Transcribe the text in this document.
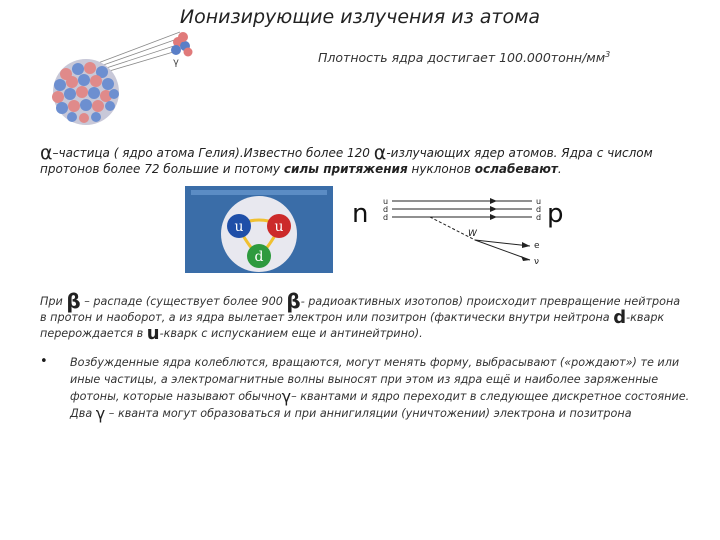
Ионизирующие излучения из атома
γ	Плотность ядра достигает $100.000тонн/мм^3$
α–частица ( ядро атома Гелия).Известно более 120 α-излучающих ядер атомов. Ядра с числом протонов более 72 большие и потому силы притяжения нуклонов ослабевают.
u u
d
n	p
u
d
d
u
d
d
W
e
ν
При β – распаде (существует более 900 β- радиоактивных изотопов) происходит превращение нейтрона в протон и наоборот, а из ядра вылетает электрон или позитрон (фактически внутри нейтрона d-кварк перерождается в u-кварк с испусканием еще и антинейтрино).
• Возбужденные ядра колеблются, вращаются, могут менять форму, выбрасывают («рождают») те или иные частицы, а электромагнитные волны выносят при этом из ядра ещё и наиболее заряженные фотоны, которые называют обычноγ– квантами и ядро переходит в следующее дискретное состояние. Два γ – кванта могут образоваться и при аннигиляции (уничтожении) электрона и позитрона
